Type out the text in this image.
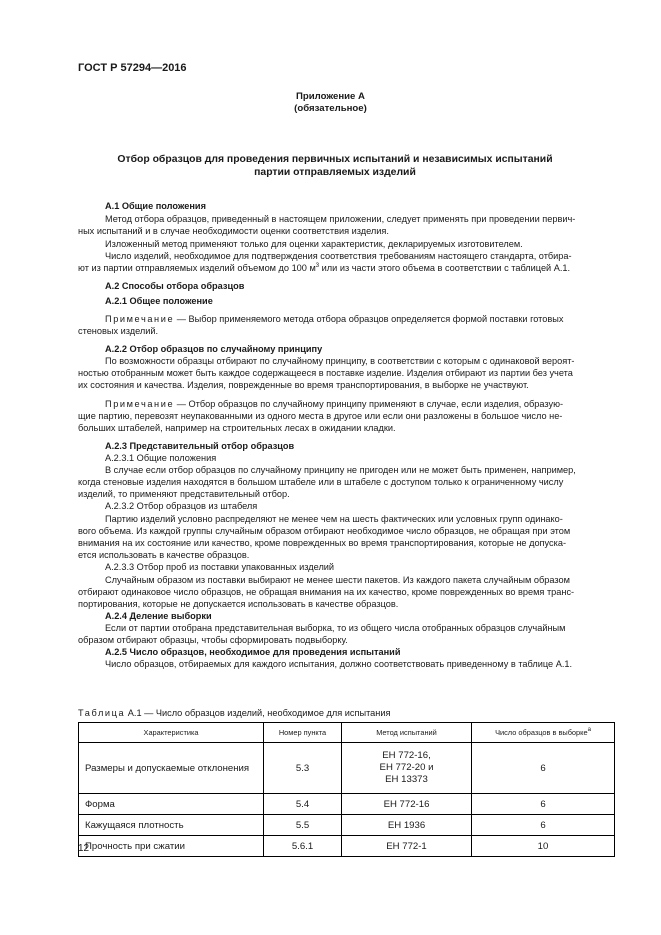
ГОСТ Р 57294—2016
Приложение А
(обязательное)
Отбор образцов для проведения первичных испытаний и независимых испытаний
партии отправляемых изделий
А.1 Общие положения
Метод отбора образцов, приведенный в настоящем приложении, следует применять при проведении первич-
ных испытаний и в случае необходимости оценки соответствия изделия.
Изложенный метод применяют только для оценки характеристик, декларируемых изготовителем.
Число изделий, необходимое для подтверждения соответствия требованиям настоящего стандарта, отбира-
ют из партии отправляемых изделий объемом до 100 $м^3$ или из части этого объема в соответствии с таблицей А.1.
А.2 Способы отбора образцов
А.2.1 Общее положение
Примечание — Выбор применяемого метода отбора образцов определяется формой поставки готовых
стеновых изделий.
А.2.2 Отбор образцов по случайному принципу
По возможности образцы отбирают по случайному принципу, в соответствии с которым с одинаковой вероят-
ностью отобранным может быть каждое содержащееся в поставке изделие. Изделия отбирают из партии без учета
их состояния и качества. Изделия, поврежденные во время транспортирования, в выборке не участвуют.
Примечание — Отбор образцов по случайному принципу применяют в случае, если изделия, образую-
щие партию, перевозят неупакованными из одного места в другое или если они разложены в большое число не-
больших штабелей, например на строительных лесах в ожидании кладки.
А.2.3 Представительный отбор образцов
А.2.3.1 Общие положения
В случае если отбор образцов по случайному принципу не пригоден или не может быть применен, например,
когда стеновые изделия находятся в большом штабеле или в штабеле с доступом только к ограниченному числу
изделий, то применяют представительный отбор.
А.2.3.2 Отбор образцов из штабеля
Партию изделий условно распределяют не менее чем на шесть фактических или условных групп одинако-
вого объема. Из каждой группы случайным образом отбирают необходимое число образцов, не обращая при этом
внимания на их состояние или качество, кроме поврежденных во время транспортирования, которые не допуска-
ется использовать в качестве образцов.
А.2.3.3 Отбор проб из поставки упакованных изделий
Случайным образом из поставки выбирают не менее шести пакетов. Из каждого пакета случайным образом
отбирают одинаковое число образцов, не обращая внимания на их качество, кроме поврежденных во время транс-
портирования, которые не допускается использовать в качестве образцов.
А.2.4 Деление выборки
Если от партии отобрана представительная выборка, то из общего числа отобранных образцов случайным
образом отбирают образцы, чтобы сформировать подвыборку.
А.2.5 Число образцов, необходимое для проведения испытаний
Число образцов, отбираемых для каждого испытания, должно соответствовать приведенному в таблице А.1.
Таблица А.1 — Число образцов изделий, необходимое для испытания
Характеристика	Номер пункта	Метод испытаний	Число образцов в выборке$^a$
Размеры и допускаемые отклонения	5.3	ЕН 772-16,
ЕН 772-20 и
ЕН 13373	6
Форма	5.4	ЕН 772-16	6
Кажущаяся плотность	5.5	ЕН 1936	6
Прочность при сжатии	5.6.1	ЕН 772-1	10
12
